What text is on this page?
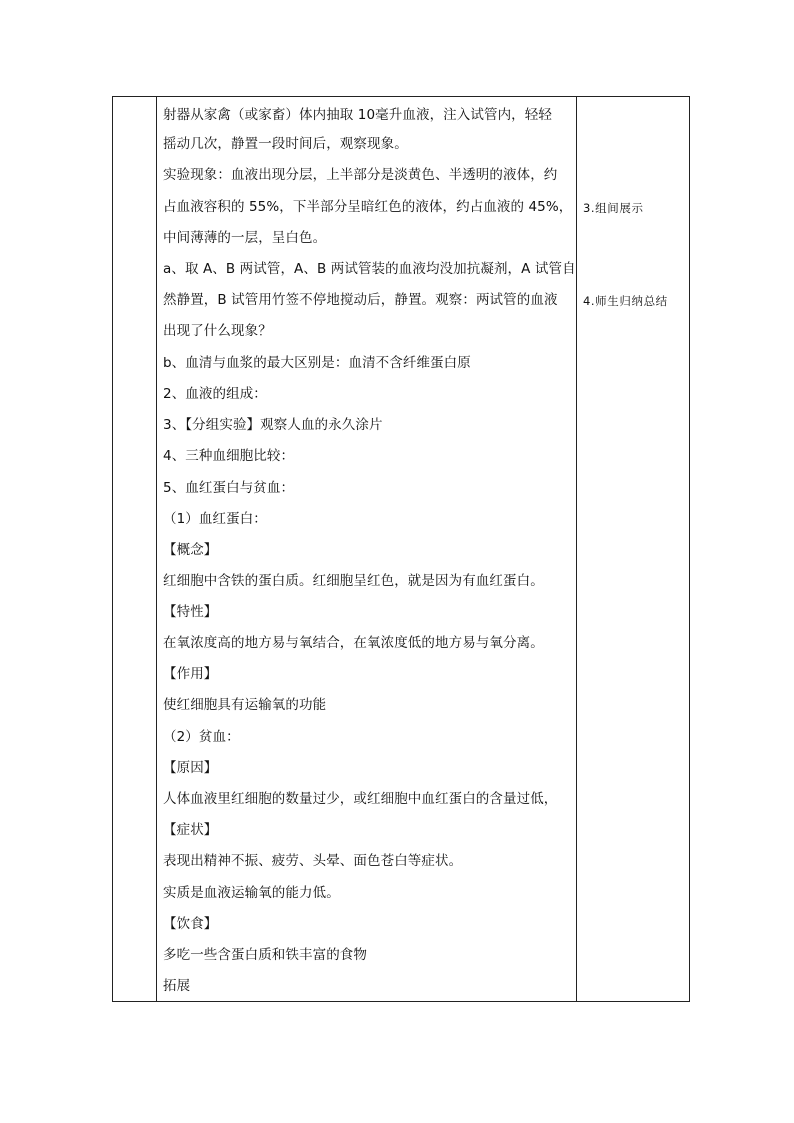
射器从家禽（或家畜）体内抽取 10毫升血液，注入试管内，轻轻
摇动几次，静置一段时间后，观察现象。
实验现象：血液出现分层，上半部分是淡黄色、半透明的液体，约
占血液容积的 55%，下半部分呈暗红色的液体，约占血液的 45%，
中间薄薄的一层，呈白色。
a、取 A、B 两试管，A、B 两试管装的血液均没加抗凝剂，A 试管自
然静置，B 试管用竹签不停地搅动后，静置。观察：两试管的血液
出现了什么现象？
b、血清与血浆的最大区别是：血清不含纤维蛋白原
2、血液的组成：
3、【分组实验】观察人血的永久涂片
4、三种血细胞比较：
5、血红蛋白与贫血：
（1）血红蛋白：
【概念】
红细胞中含铁的蛋白质。红细胞呈红色，就是因为有血红蛋白。
【特性】
在氧浓度高的地方易与氧结合，在氧浓度低的地方易与氧分离。
【作用】
使红细胞具有运输氧的功能
（2）贫血：
【原因】
人体血液里红细胞的数量过少，或红细胞中血红蛋白的含量过低，
【症状】
表现出精神不振、疲劳、头晕、面色苍白等症状。
实质是血液运输氧的能力低。
【饮食】
多吃一些含蛋白质和铁丰富的食物
拓展
3.组间展示
4.师生归纳总结
